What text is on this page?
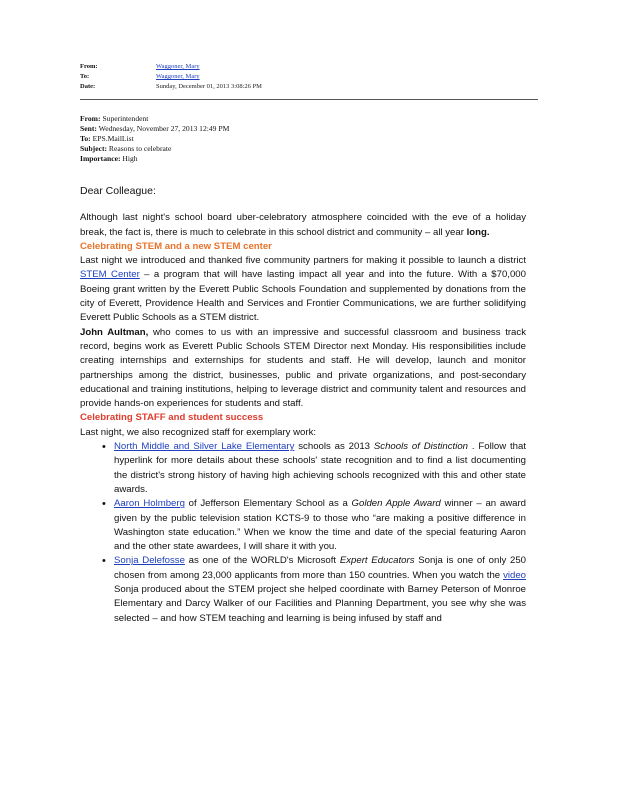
From:	Waggoner, Mary
To:	Waggoner, Mary
Date:	Sunday, December 01, 2013 3:08:26 PM
From: Superintendent
Sent: Wednesday, November 27, 2013 12:49 PM
To: EPS.MailList
Subject: Reasons to celebrate
Importance: High

Dear Colleague:

Although last night's school board uber-celebratory atmosphere coincided with the eve of a holiday break, the fact is, there is much to celebrate in this school district and community – all year long.

Celebrating STEM and a new STEM center

Last night we introduced and thanked five community partners for making it possible to launch a district STEM Center – a program that will have lasting impact all year and into the future. With a $70,000 Boeing grant written by the Everett Public Schools Foundation and supplemented by donations from the city of Everett, Providence Health and Services and Frontier Communications, we are further solidifying Everett Public Schools as a STEM district.

John Aultman, who comes to us with an impressive and successful classroom and business track record, begins work as Everett Public Schools STEM Director next Monday. His responsibilities include creating internships and externships for students and staff. He will develop, launch and monitor partnerships among the district, businesses, public and private organizations, and post-secondary educational and training institutions, helping to leverage district and community talent and resources and provide hands-on experiences for students and staff.

Celebrating STAFF and student success

Last night, we also recognized staff for exemplary work:

• North Middle and Silver Lake Elementary schools as 2013 Schools of Distinction . Follow that hyperlink for more details about these schools' state recognition and to find a list documenting the district's strong history of having high achieving schools recognized with this and other state awards.
• Aaron Holmberg of Jefferson Elementary School as a Golden Apple Award winner – an award given by the public television station KCTS-9 to those who “are making a positive difference in Washington state education.” When we know the time and date of the special featuring Aaron and the other state awardees, I will share it with you.
• Sonja Delefosse as one of the WORLD's Microsoft Expert Educators Sonja is one of only 250 chosen from among 23,000 applicants from more than 150 countries. When you watch the video Sonja produced about the STEM project she helped coordinate with Barney Peterson of Monroe Elementary and Darcy Walker of our Facilities and Planning Department, you see why she was selected – and how STEM teaching and learning is being infused by staff and
